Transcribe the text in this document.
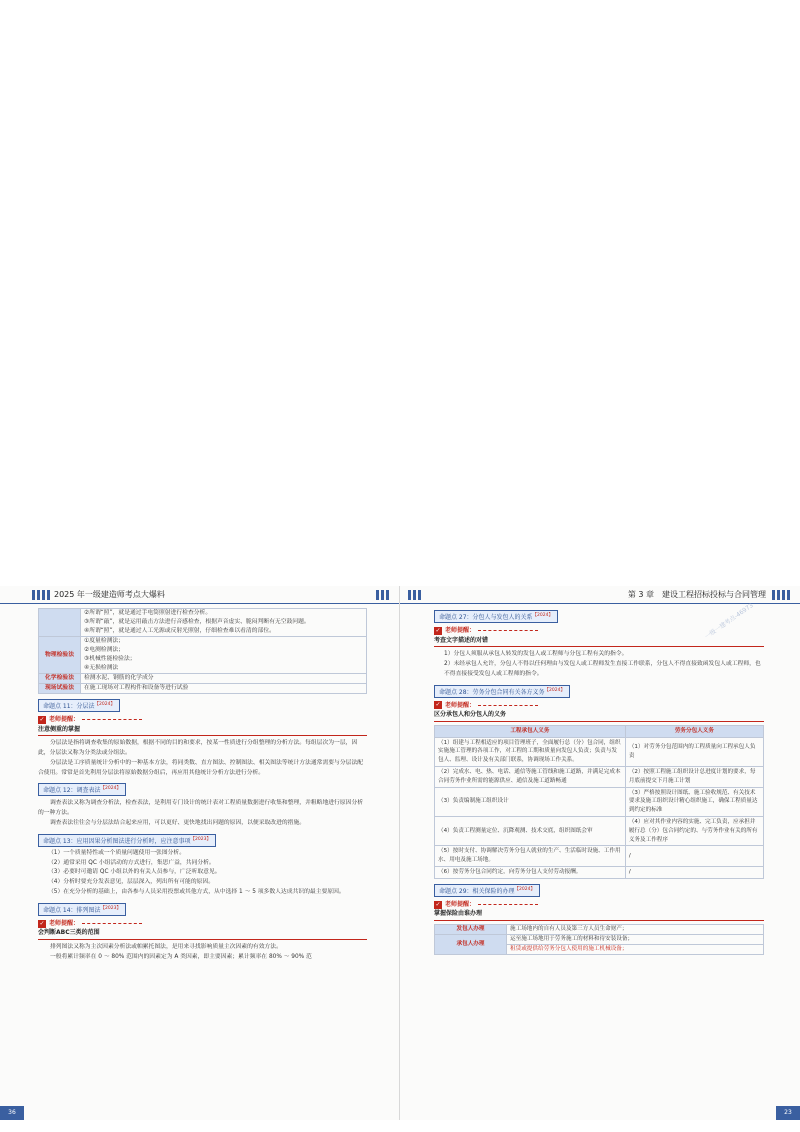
2025 年一级建造师考点大爆料

	②所谓“照”，就是通过手电筒照射进行检查分析。
③所谓“敲”，就是运用敲击方法进行音感检查，根据声音虚实、脆闷判断有无空鼓问题。
④所谓“照”，就是通过人工光源或反射光照射，仔细检查难以看清的部位。

物理检验法	①度量检测法；
②电测检测法；
③机械性能检验法；
④无损检测法

化学检验法	检测水泥、钢筋的化学成分

现场试验法	在施工现场对工程构件和设备等进行试验
命题点 11：分层法$^{【2024】}$
✓ 老师提醒：
注意侧重的掌握

分层法是指将调查收集的原始数据，根据不同的目的和要求，按某一性质进行分组整理的分析方法。每组层次为一层，因此，分层法又称为分类法或分组法。

分层法是工序质量统计分析中的一种基本方法，将同类数、直方图法、控制图法、相关图法等统计方法通常需要与分层法配合使用。常常是首先利用分层法将原始数据分组后，再应用其他统计分析方法进行分析。

命题点 12：调查表法$^{【2024】}$

调查表法又称为调查分析法，检查表法，是利用专门设计的统计表对工程质量数据进行收集和整理，并粗略地进行原因分析的一种方法。

调查表法往往会与分层法结合起来应用，可以更好、更快地找出问题的原因，以便采取改进的措施。

命题点 13：应用因果分析图法进行分析时，应注意事项$^{【2023】}$

（1）一个质量特性或一个质量问题使用一张图分析。

（2）通常采用 QC 小组活动的方式进行，集思广益，共同分析。

（3）必要时可邀请 QC 小组以外的有关人员参与，广泛听取意见。

（4）分析时要充分发表意见，层层深入，列出所有可能的原因。

（5）在充分分析的基础上，由各参与人员采用投票或其他方式，从中选择 1 ～ 5 项多数人达成共识的最主要原因。

命题点 14：排列图法$^{【2023】}$
✓ 老师提醒：
会判断ABC三类的范围

排列图法又称为主次因素分析法或帕累托图法，是用来寻找影响质量主次因素的有效方法。

一般将累计频率在 0 ～ 80% 范围内的因素定为 A 类因素，即主要因素；累计频率在 80% ～ 90% 范

36
第 3 章　建设工程招标投标与合同管理
一级一建考点-46973
命题点 27：分包人与发包人的关系$^{【2024】}$
✓ 老师提醒：
考查文字描述的对错

1）分包人须服从承包人转发的发包人或工程师与分包工程有关的指令。

2）未经承包人允许，分包人不得以任何理由与发包人或工程师发生直接工作联系，分包人不得直接致函发包人或工程师，也不得直接接受发包人或工程师的指令。

命题点 28：劳务分包合同有关各方义务$^{【2024】}$
✓ 老师提醒：
区分承包人和分包人的义务
工程承包人义务	劳务分包人义务
（1）组建与工程相适应的项目管理班子，全面履行总（分）包合同，组织实施施工管理的各项工作，对工程的工期和质量向发包人负责；负责与发包人、监理、设计及有关部门联系，协调现场工作关系。	（1）对劳务分包范围内的工程质量向工程承包人负责
（2）完成水、电、热、电话、通信等施工管线和施工道路，并满足完成本合同劳务作业所需的能源供应、通信及施工道路畅通	（2）按照工程施工组织设计总进度计划的要求，每月底前提交下月施工计划
（3）负责编制施工组织设计	（3）严格按照设计图纸、施工验收规范、有关技术要求及施工组织设计精心组织施工，确保工程质量达到约定的标准
（4）负责工程测量定位、沉降观测、技术交底，组织图纸会审	（4）应对其作业内容的实施、完工负责，应承担并履行总（分）包合同约定的、与劳务作业有关的所有义务及工作程序
（5）按时支付、协调解决劳务分包人就业的生产、生活临时设施、工作用水、用电及施工场地。	/
（6）按劳务分包合同约定，向劳务分包人支付劳动报酬。	/
命题点 29：相关保险的办理$^{【2024】}$
✓ 老师提醒：
掌握保险由谁办理
发包人办理	施工场地内的自有人员及第三方人员生命财产；
承包人办理	运至施工场地用于劳务施工的材料和待安装设备；
	租赁或提供给劳务分包人使用的施工机械设备；
23
